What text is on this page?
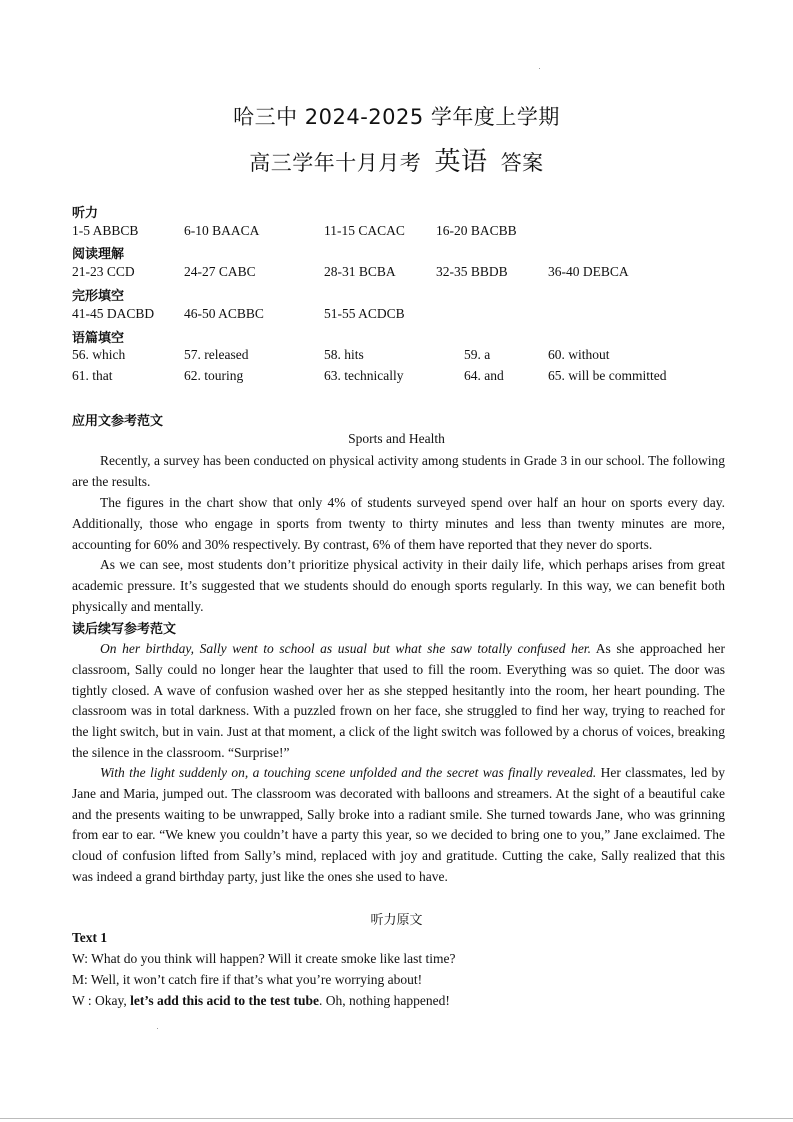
哈三中 2024-2025 学年度上学期
高三学年十月月考 英语 答案
听力
1-5 ABBCB	6-10 BAACA	11-15 CACAC 16-20 BACBB
阅读理解
21-23 CCD	24-27 CABC	28-31 BCBA	32-35 BBDB	36-40 DEBCA
完形填空
41-45 DACBD 46-50 ACBBC	51-55 ACDCB
语篇填空
56. which	57. released	58. hits	59. a	60. without
61. that	62. touring	63. technically	64. and	65. will be committed
应用文参考范文
Sports and Health

Recently, a survey has been conducted on physical activity among students in Grade 3 in our school. The following are the results.

The figures in the chart show that only 4% of students surveyed spend over half an hour on sports every day. Additionally, those who engage in sports from twenty to thirty minutes and less than twenty minutes are more, accounting for 60% and 30% respectively. By contrast, 6% of them have reported that they never do sports.

As we can see, most students don’t prioritize physical activity in their daily life, which perhaps arises from great academic pressure. It’s suggested that we students should do enough sports regularly. In this way, we can benefit both physically and mentally.

读后续写参考范文

On her birthday, Sally went to school as usual but what she saw totally confused her. As she approached her classroom, Sally could no longer hear the laughter that used to fill the room. Everything was so quiet. The door was tightly closed. A wave of confusion washed over her as she stepped hesitantly into the room, her heart pounding. The classroom was in total darkness. With a puzzled frown on her face, she struggled to find her way, trying to reached for the light switch, but in vain. Just at that moment, a click of the light switch was followed by a chorus of voices, breaking the silence in the classroom. “Surprise!”

With the light suddenly on, a touching scene unfolded and the secret was finally revealed. Her classmates, led by Jane and Maria, jumped out. The classroom was decorated with balloons and streamers. At the sight of a beautiful cake and the presents waiting to be unwrapped, Sally broke into a radiant smile. She turned towards Jane, who was grinning from ear to ear. “We knew you couldn’t have a party this year, so we decided to bring one to you,” Jane exclaimed. The cloud of confusion lifted from Sally’s mind, replaced with joy and gratitude. Cutting the cake, Sally realized that this was indeed a grand birthday party, just like the ones she used to have.

听力原文
Text 1
W: What do you think will happen? Will it create smoke like last time?
M: Well, it won’t catch fire if that’s what you’re worrying about!
W : Okay, let’s add this acid to the test tube. Oh, nothing happened!
